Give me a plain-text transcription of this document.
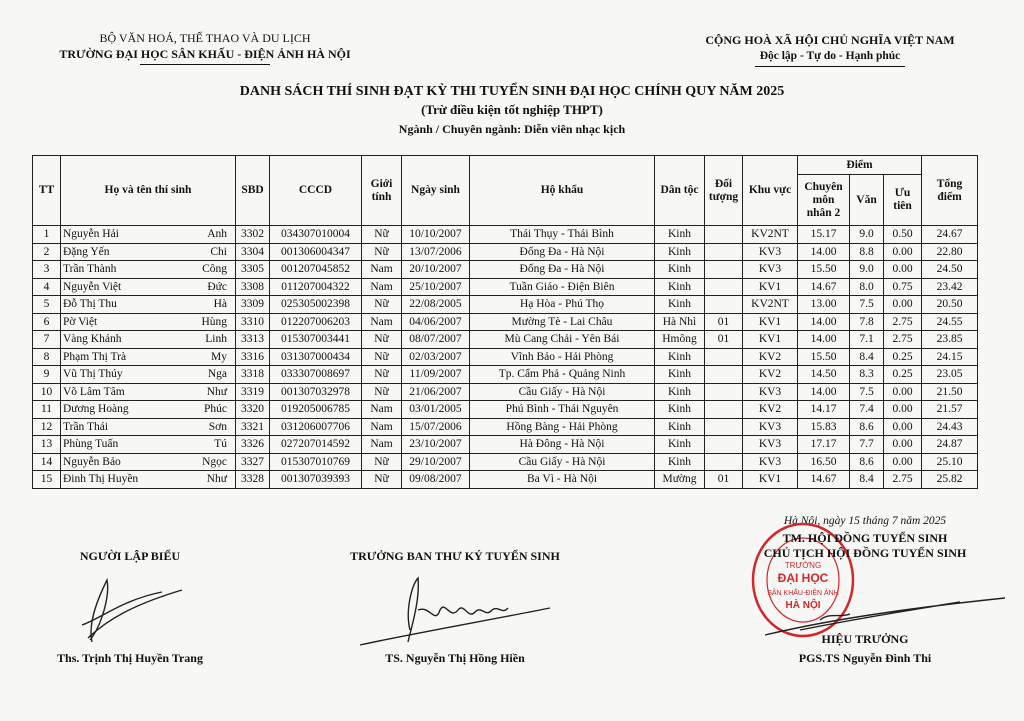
BỘ VĂN HOÁ, THỂ THAO VÀ DU LỊCH
TRƯỜNG ĐẠI HỌC SÂN KHẤU - ĐIỆN ẢNH HÀ NỘI
CỘNG HOÀ XÃ HỘI CHỦ NGHĨA VIỆT NAM
Độc lập - Tự do - Hạnh phúc
DANH SÁCH THÍ SINH ĐẠT KỲ THI TUYỂN SINH ĐẠI HỌC CHÍNH QUY NĂM 2025
(Trừ điều kiện tốt nghiệp THPT)
Ngành / Chuyên ngành: Diễn viên nhạc kịch
TT	Họ và tên thí sinh	SBD	CCCD	Giới tính	Ngày sinh	Hộ khẩu	Dân tộc	Đối tượng	Khu vực	Điểm			Tổng điểm
										Chuyên môn nhân 2	Văn	Ưu tiên	
1	Nguyễn Hải Anh	3302	034307010004	Nữ	10/10/2007	Thái Thụy - Thái Bình	Kinh		KV2NT	15.17	9.0	0.50	24.67
2	Đặng Yến Chi	3304	001306004347	Nữ	13/07/2006	Đống Đa - Hà Nội	Kinh		KV3	14.00	8.8	0.00	22.80
3	Trần Thành Công	3305	001207045852	Nam	20/10/2007	Đống Đa - Hà Nội	Kinh		KV3	15.50	9.0	0.00	24.50
4	Nguyễn Việt Đức	3308	011207004322	Nam	25/10/2007	Tuần Giáo - Điện Biên	Kinh		KV1	14.67	8.0	0.75	23.42
5	Đỗ Thị Thu Hà	3309	025305002398	Nữ	22/08/2005	Hạ Hòa - Phú Thọ	Kinh		KV2NT	13.00	7.5	0.00	20.50
6	Pờ Việt Hùng	3310	012207006203	Nam	04/06/2007	Mường Tè - Lai Châu	Hà Nhì	01	KV1	14.00	7.8	2.75	24.55
7	Vàng Khánh Linh	3313	015307003441	Nữ	08/07/2007	Mù Cang Chải - Yên Bái	Hmông	01	KV1	14.00	7.1	2.75	23.85
8	Phạm Thị Trà My	3316	031307000434	Nữ	02/03/2007	Vĩnh Bảo - Hải Phòng	Kinh		KV2	15.50	8.4	0.25	24.15
9	Vũ Thị Thúy Nga	3318	033307008697	Nữ	11/09/2007	Tp. Cẩm Phả - Quảng Ninh	Kinh		KV2	14.50	8.3	0.25	23.05
10	Võ Lâm Tâm Như	3319	001307032978	Nữ	21/06/2007	Cầu Giấy - Hà Nội	Kinh		KV3	14.00	7.5	0.00	21.50
11	Dương Hoàng Phúc	3320	019205006785	Nam	03/01/2005	Phú Bình - Thái Nguyên	Kinh		KV2	14.17	7.4	0.00	21.57
12	Trần Thái Sơn	3321	031206007706	Nam	15/07/2006	Hồng Bàng - Hải Phòng	Kinh		KV3	15.83	8.6	0.00	24.43
13	Phùng Tuấn Tú	3326	027207014592	Nam	23/10/2007	Hà Đông - Hà Nội	Kinh		KV3	17.17	7.7	0.00	24.87
14	Nguyễn Bảo Ngọc	3327	015307010769	Nữ	29/10/2007	Cầu Giấy - Hà Nội	Kinh		KV3	16.50	8.6	0.00	25.10
15	Đinh Thị Huyền Như	3328	001307039393	Nữ	09/08/2007	Ba Vì - Hà Nội	Mường	01	KV1	14.67	8.4	2.75	25.82
Hà Nội, ngày 15 tháng 7 năm 2025
NGƯỜI LẬP BIỂU
Ths. Trịnh Thị Huyền Trang
TRƯỞNG BAN THƯ KÝ TUYỂN SINH
TS. Nguyễn Thị Hồng Hiền
TRƯỜNG
ĐẠI HỌC
SÂN KHẤU-ĐIỆN ẢNH
HÀ NỘI
TM. HỘI ĐỒNG TUYỂN SINH
CHỦ TỊCH HỘI ĐỒNG TUYỂN SINH
HIỆU TRƯỞNG
PGS.TS Nguyễn Đình Thi
